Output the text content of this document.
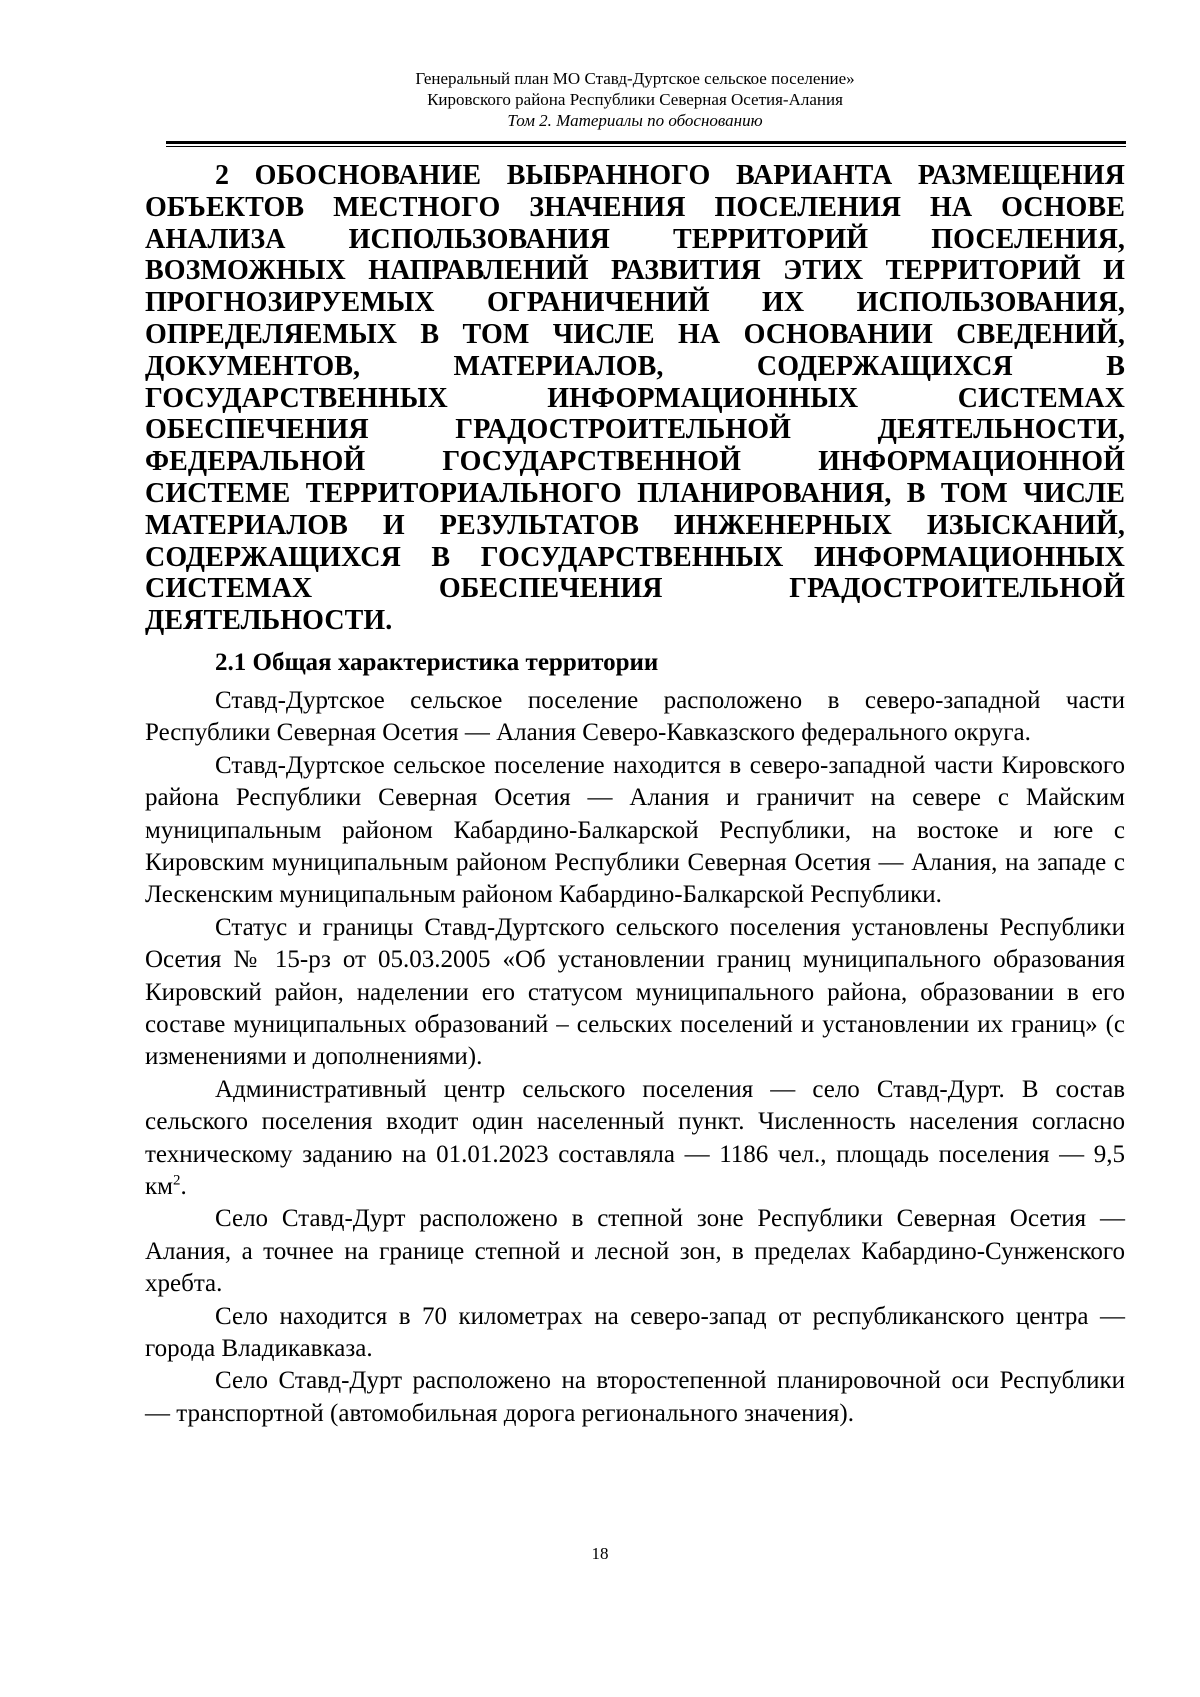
Генеральный план МО Ставд-Дуртское сельское поселение»
Кировского района Республики Северная Осетия-Алания
Том 2. Материалы по обоснованию

2 ОБОСНОВАНИЕ ВЫБРАННОГО ВАРИАНТА РАЗМЕЩЕНИЯ ОБЪЕКТОВ МЕСТНОГО ЗНАЧЕНИЯ ПОСЕЛЕНИЯ НА ОСНОВЕ АНАЛИЗА ИСПОЛЬЗОВАНИЯ ТЕРРИТОРИЙ ПОСЕЛЕНИЯ, ВОЗМОЖНЫХ НАПРАВЛЕНИЙ РАЗВИТИЯ ЭТИХ ТЕРРИТОРИЙ И ПРОГНОЗИРУЕМЫХ ОГРАНИЧЕНИЙ ИХ ИСПОЛЬЗОВАНИЯ, ОПРЕДЕЛЯЕМЫХ В ТОМ ЧИСЛЕ НА ОСНОВАНИИ СВЕДЕНИЙ, ДОКУМЕНТОВ, МАТЕРИАЛОВ, СОДЕРЖАЩИХСЯ В ГОСУДАРСТВЕННЫХ ИНФОРМАЦИОННЫХ СИСТЕМАХ ОБЕСПЕЧЕНИЯ ГРАДОСТРОИТЕЛЬНОЙ ДЕЯТЕЛЬНОСТИ, ФЕДЕРАЛЬНОЙ ГОСУДАРСТВЕННОЙ ИНФОРМАЦИОННОЙ СИСТЕМЕ ТЕРРИТОРИАЛЬНОГО ПЛАНИРОВАНИЯ, В ТОМ ЧИСЛЕ МАТЕРИАЛОВ И РЕЗУЛЬТАТОВ ИНЖЕНЕРНЫХ ИЗЫСКАНИЙ, СОДЕРЖАЩИХСЯ В ГОСУДАРСТВЕННЫХ ИНФОРМАЦИОННЫХ СИСТЕМАХ ОБЕСПЕЧЕНИЯ ГРАДОСТРОИТЕЛЬНОЙ ДЕЯТЕЛЬНОСТИ.

2.1 Общая характеристика территории

Ставд-Дуртское сельское поселение расположено в северо-западной части Республики Северная Осетия — Алания Северо-Кавказского федерального округа.

Ставд-Дуртское сельское поселение находится в северо-западной части Кировского района Республики Северная Осетия — Алания и граничит на севере с Майским муниципальным районом Кабардино-Балкарской Республики, на востоке и юге с Кировским муниципальным районом Республики Северная Осетия — Алания, на западе с Лескенским муниципальным районом Кабардино-Балкарской Республики.

Статус и границы Ставд-Дуртского сельского поселения установлены Республики Осетия № 15-рз от 05.03.2005 «Об установлении границ муниципального образования Кировский район, наделении его статусом муниципального района, образовании в его составе муниципальных образований – сельских поселений и установлении их границ» (с изменениями и дополнениями).

Административный центр сельского поселения — село Ставд-Дурт. В состав сельского поселения входит один населенный пункт. Численность населения согласно техническому заданию на 01.01.2023 составляла — 1186 чел., площадь поселения — 9,5 $км^2$.

Село Ставд-Дурт расположено в степной зоне Республики Северная Осетия — Алания, а точнее на границе степной и лесной зон, в пределах Кабардино-Сунженского хребта.

Село находится в 70 километрах на северо-запад от республиканского центра — города Владикавказа.

Село Ставд-Дурт расположено на второстепенной планировочной оси Республики — транспортной (автомобильная дорога регионального значения).

18
